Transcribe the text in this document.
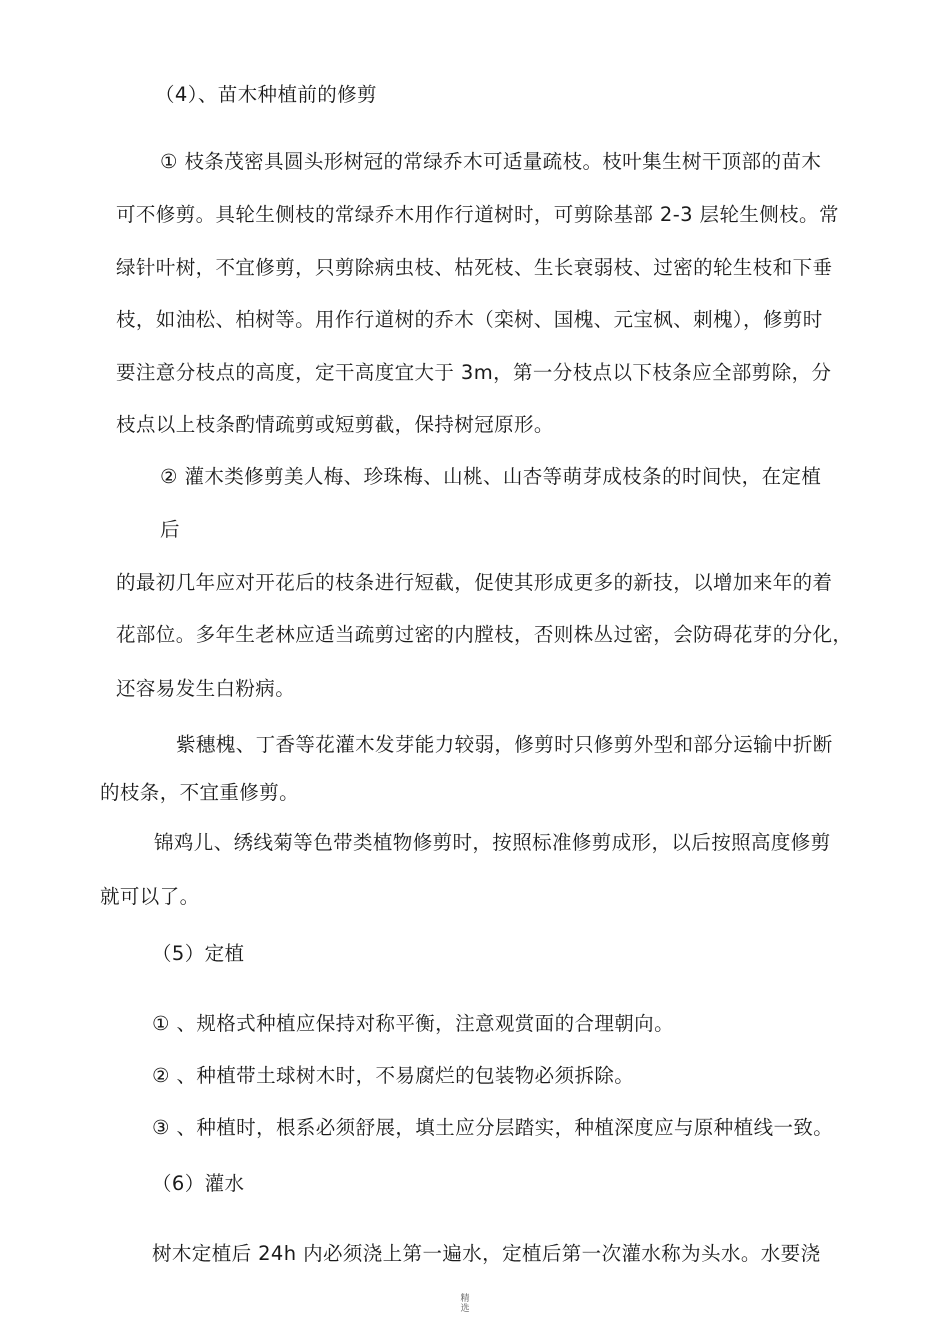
（4）、苗木种植前的修剪
① 枝条茂密具圆头形树冠的常绿乔木可适量疏枝。枝叶集生树干顶部的苗木
可不修剪。具轮生侧枝的常绿乔木用作行道树时，可剪除基部 2-3 层轮生侧枝。常
绿针叶树，不宜修剪，只剪除病虫枝、枯死枝、生长衰弱枝、过密的轮生枝和下垂
枝，如油松、柏树等。用作行道树的乔木（栾树、国槐、元宝枫、刺槐），修剪时
要注意分枝点的高度，定干高度宜大于 3m，第一分枝点以下枝条应全部剪除，分
枝点以上枝条酌情疏剪或短剪截，保持树冠原形。
② 灌木类修剪美人梅、珍珠梅、山桃、山杏等萌芽成枝条的时间快，在定植
后
的最初几年应对开花后的枝条进行短截，促使其形成更多的新技，以增加来年的着
花部位。多年生老林应适当疏剪过密的内膛枝，否则株丛过密，会防碍花芽的分化，
还容易发生白粉病。
紫穗槐、丁香等花灌木发芽能力较弱，修剪时只修剪外型和部分运输中折断
的枝条，不宜重修剪。
锦鸡儿、绣线菊等色带类植物修剪时，按照标准修剪成形，以后按照高度修剪
就可以了。
（5）定植
① 、规格式种植应保持对称平衡，注意观赏面的合理朝向。
② 、种植带土球树木时，不易腐烂的包装物必须拆除。
③ 、种植时，根系必须舒展，填土应分层踏实，种植深度应与原种植线一致。
（6）灌水
树木定植后 24h 内必须浇上第一遍水，定植后第一次灌水称为头水。水要浇
精选
